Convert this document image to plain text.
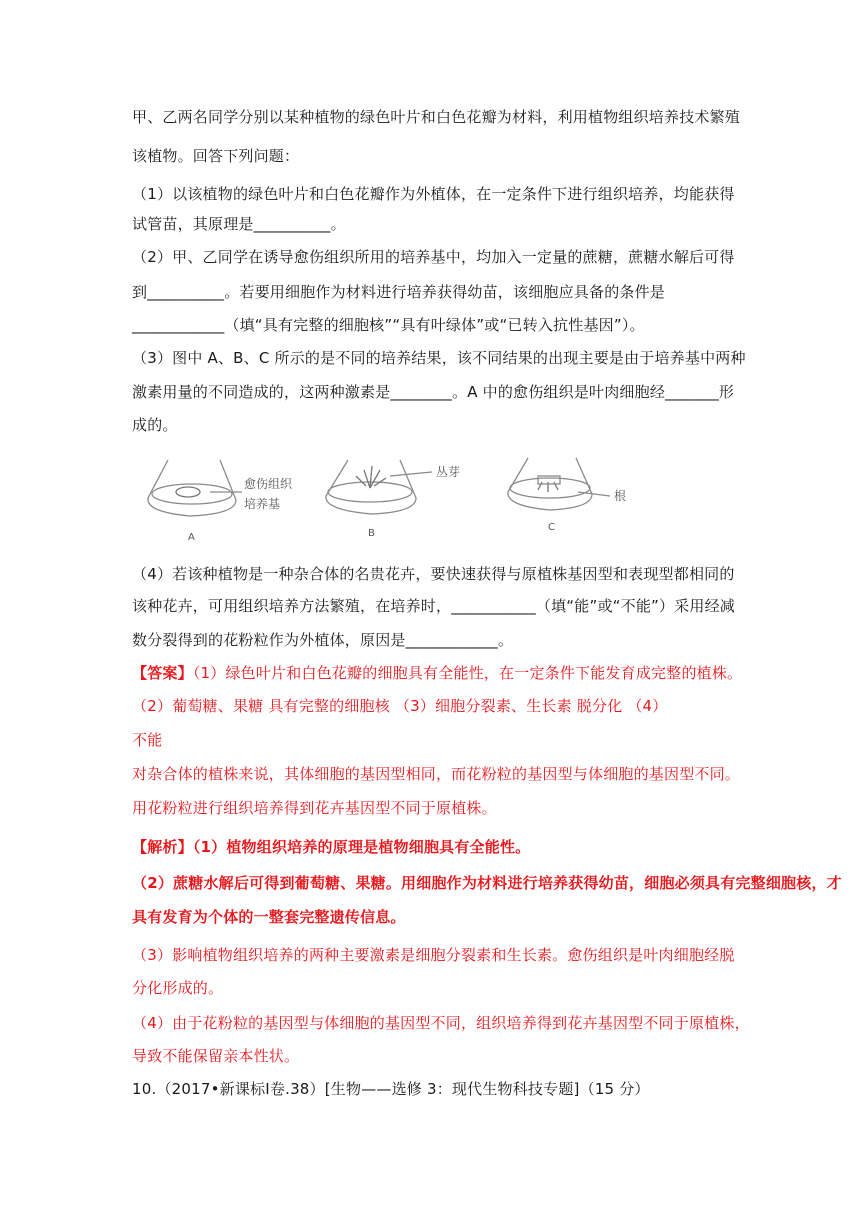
甲、乙两名同学分别以某种植物的绿色叶片和白色花瓣为材料，利用植物组织培养技术繁殖
该植物。回答下列问题：
（1）以该植物的绿色叶片和白色花瓣作为外植体，在一定条件下进行组织培养，均能获得
试管苗，其原理是__________。
（2）甲、乙同学在诱导愈伤组织所用的培养基中，均加入一定量的蔗糖，蔗糖水解后可得
到__________。若要用细胞作为材料进行培养获得幼苗，该细胞应具备的条件是
____________（填“具有完整的细胞核”“具有叶绿体”或“已转入抗性基因”）。
（3）图中 A、B、C 所示的是不同的培养结果，该不同结果的出现主要是由于培养基中两种
激素用量的不同造成的，这两种激素是________。A 中的愈伤组织是叶肉细胞经_______形
成的。
愈伤组织
培养基
丛芽
根
A	B
C
（4）若该种植物是一种杂合体的名贵花卉，要快速获得与原植株基因型和表现型都相同的
该种花卉，可用组织培养方法繁殖，在培养时，___________（填“能”或“不能”）采用经减
数分裂得到的花粉粒作为外植体，原因是____________。
【答案】（1）绿色叶片和白色花瓣的细胞具有全能性，在一定条件下能发育成完整的植株。
（2）葡萄糖、果糖 具有完整的细胞核 （3）细胞分裂素、生长素 脱分化 （4）
不能
对杂合体的植株来说，其体细胞的基因型相同，而花粉粒的基因型与体细胞的基因型不同。
用花粉粒进行组织培养得到花卉基因型不同于原植株。
【解析】（1）植物组织培养的原理是植物细胞具有全能性。
（2）蔗糖水解后可得到葡萄糖、果糖。用细胞作为材料进行培养获得幼苗，细胞必须具有完整细胞核，才
具有发育为个体的一整套完整遗传信息。
（3）影响植物组织培养的两种主要激素是细胞分裂素和生长素。愈伤组织是叶肉细胞经脱
分化形成的。
（4）由于花粉粒的基因型与体细胞的基因型不同，组织培养得到花卉基因型不同于原植株，
导致不能保留亲本性状。
10.（2017•新课标Ⅰ卷.38）[生物——选修 3：现代生物科技专题]（15 分）
